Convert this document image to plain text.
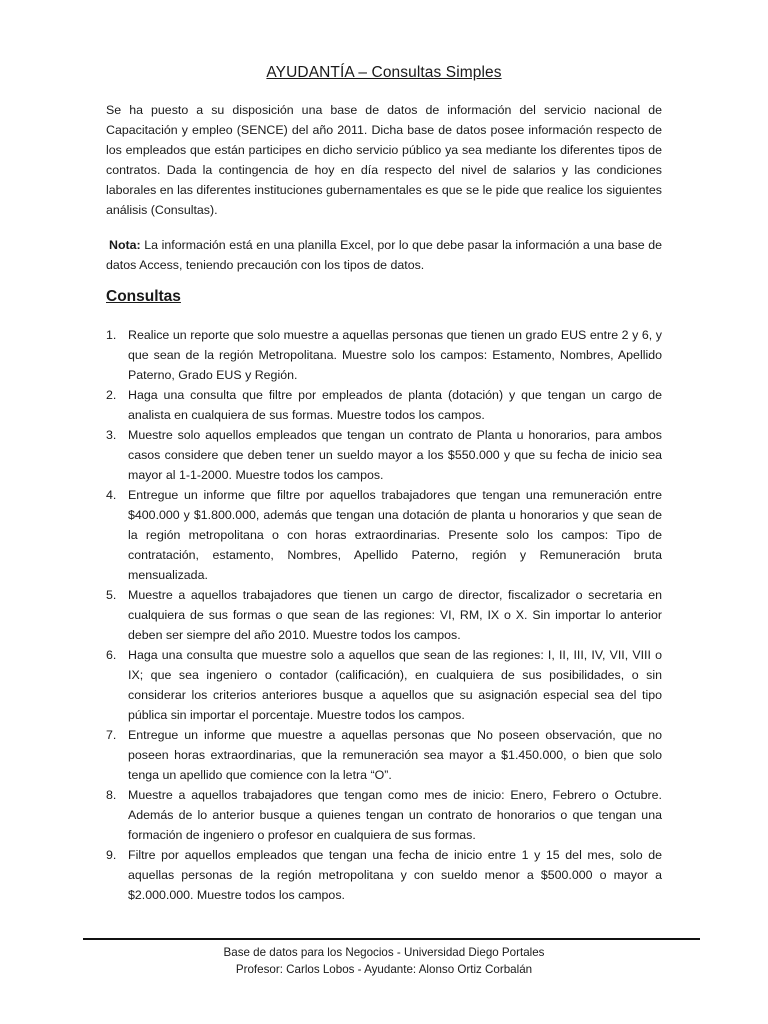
AYUDANTÍA – Consultas Simples
Se ha puesto a su disposición una base de datos de información del servicio nacional de Capacitación y empleo (SENCE) del año 2011. Dicha base de datos posee información respecto de los empleados que están participes en dicho servicio público ya sea mediante los diferentes tipos de contratos. Dada la contingencia de hoy en día respecto del nivel de salarios y las condiciones laborales en las diferentes instituciones gubernamentales es que se le pide que realice los siguientes análisis (Consultas).
Nota: La información está en una planilla Excel, por lo que debe pasar la información a una base de datos Access, teniendo precaución con los tipos de datos.
Consultas
1. Realice un reporte que solo muestre a aquellas personas que tienen un grado EUS entre 2 y 6, y que sean de la región Metropolitana. Muestre solo los campos: Estamento, Nombres, Apellido Paterno, Grado EUS y Región.
2. Haga una consulta que filtre por empleados de planta (dotación) y que tengan un cargo de analista en cualquiera de sus formas. Muestre todos los campos.
3. Muestre solo aquellos empleados que tengan un contrato de Planta u honorarios, para ambos casos considere que deben tener un sueldo mayor a los $550.000 y que su fecha de inicio sea mayor al 1-1-2000. Muestre todos los campos.
4. Entregue un informe que filtre por aquellos trabajadores que tengan una remuneración entre $400.000 y $1.800.000, además que tengan una dotación de planta u honorarios y que sean de la región metropolitana o con horas extraordinarias. Presente solo los campos: Tipo de contratación, estamento, Nombres, Apellido Paterno, región y Remuneración bruta mensualizada.
5. Muestre a aquellos trabajadores que tienen un cargo de director, fiscalizador o secretaria en cualquiera de sus formas o que sean de las regiones: VI, RM, IX o X. Sin importar lo anterior deben ser siempre del año 2010. Muestre todos los campos.
6. Haga una consulta que muestre solo a aquellos que sean de las regiones: I, II, III, IV, VII, VIII o IX; que sea ingeniero o contador (calificación), en cualquiera de sus posibilidades, o sin considerar los criterios anteriores busque a aquellos que su asignación especial sea del tipo pública sin importar el porcentaje. Muestre todos los campos.
7. Entregue un informe que muestre a aquellas personas que No poseen observación, que no poseen horas extraordinarias, que la remuneración sea mayor a $1.450.000, o bien que solo tenga un apellido que comience con la letra “O”.
8. Muestre a aquellos trabajadores que tengan como mes de inicio: Enero, Febrero o Octubre. Además de lo anterior busque a quienes tengan un contrato de honorarios o que tengan una formación de ingeniero o profesor en cualquiera de sus formas.
9. Filtre por aquellos empleados que tengan una fecha de inicio entre 1 y 15 del mes, solo de aquellas personas de la región metropolitana y con sueldo menor a $500.000 o mayor a $2.000.000. Muestre todos los campos.
Base de datos para los Negocios - Universidad Diego Portales
Profesor: Carlos Lobos - Ayudante: Alonso Ortiz Corbalán
